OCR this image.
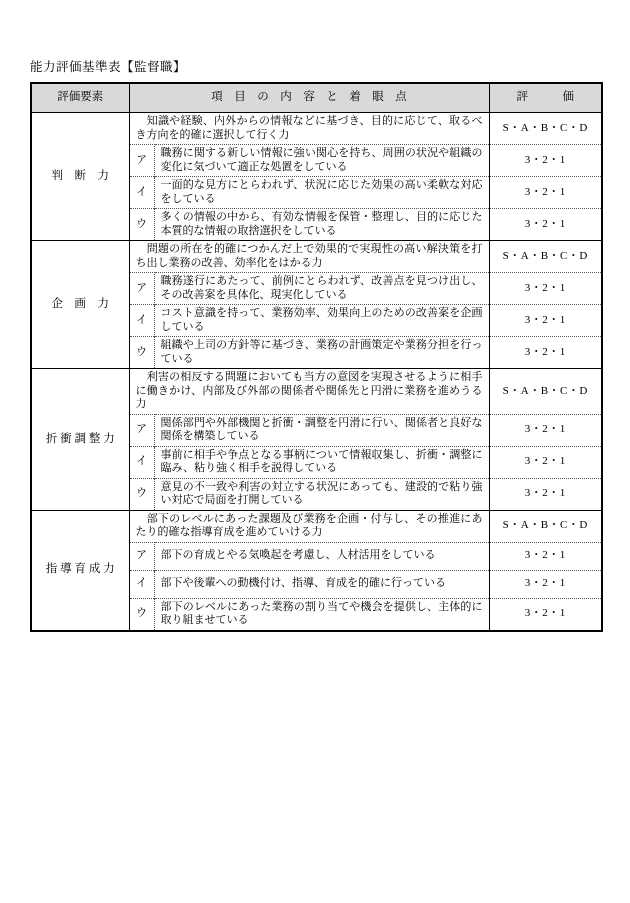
能力評価基準表【監督職】
評価要素	項　目　の　内　容　と　着　眼　点		評　　　価
判　断　力	　知識や経験、内外からの情報などに基づき、目的に応じて、取るべき方向を的確に選択して行く力		S・A・B・C・D
	ア	職務に関する新しい情報に強い関心を持ち、周囲の状況や組織の変化に気づいて適正な処置をしている	3・2・1
	イ	一面的な見方にとらわれず、状況に応じた効果の高い柔軟な対応をしている	3・2・1
	ウ	多くの情報の中から、有効な情報を保管・整理し、目的に応じた本質的な情報の取捨選択をしている	3・2・1
企　画　力	　問題の所在を的確につかんだ上で効果的で実現性の高い解決策を打ち出し業務の改善、効率化をはかる力		S・A・B・C・D
	ア	職務遂行にあたって、前例にとらわれず、改善点を見つけ出し、その改善案を具体化、現実化している	3・2・1
	イ	コスト意識を持って、業務効率、効果向上のための改善案を企画している	3・2・1
	ウ	組織や上司の方針等に基づき、業務の計画策定や業務分担を行っている	3・2・1
折 衝 調 整 力	　利害の相反する問題においても当方の意図を実現させるように相手に働きかけ、内部及び外部の関係者や関係先と円滑に業務を進めうる力		S・A・B・C・D
	ア	関係部門や外部機関と折衝・調整を円滑に行い、関係者と良好な関係を構築している	3・2・1
	イ	事前に相手や争点となる事柄について情報収集し、折衝・調整に臨み、粘り強く相手を説得している	3・2・1
	ウ	意見の不一致や利害の対立する状況にあっても、建設的で粘り強い対応で局面を打開している	3・2・1
指 導 育 成 力	　部下のレベルにあった課題及び業務を企画・付与し、その推進にあたり的確な指導育成を進めていける力		S・A・B・C・D
	ア	部下の育成とやる気喚起を考慮し、人材活用をしている	3・2・1
	イ	部下や後輩への動機付け、指導、育成を的確に行っている	3・2・1
	ウ	部下のレベルにあった業務の割り当てや機会を提供し、主体的に取り組ませている	3・2・1
